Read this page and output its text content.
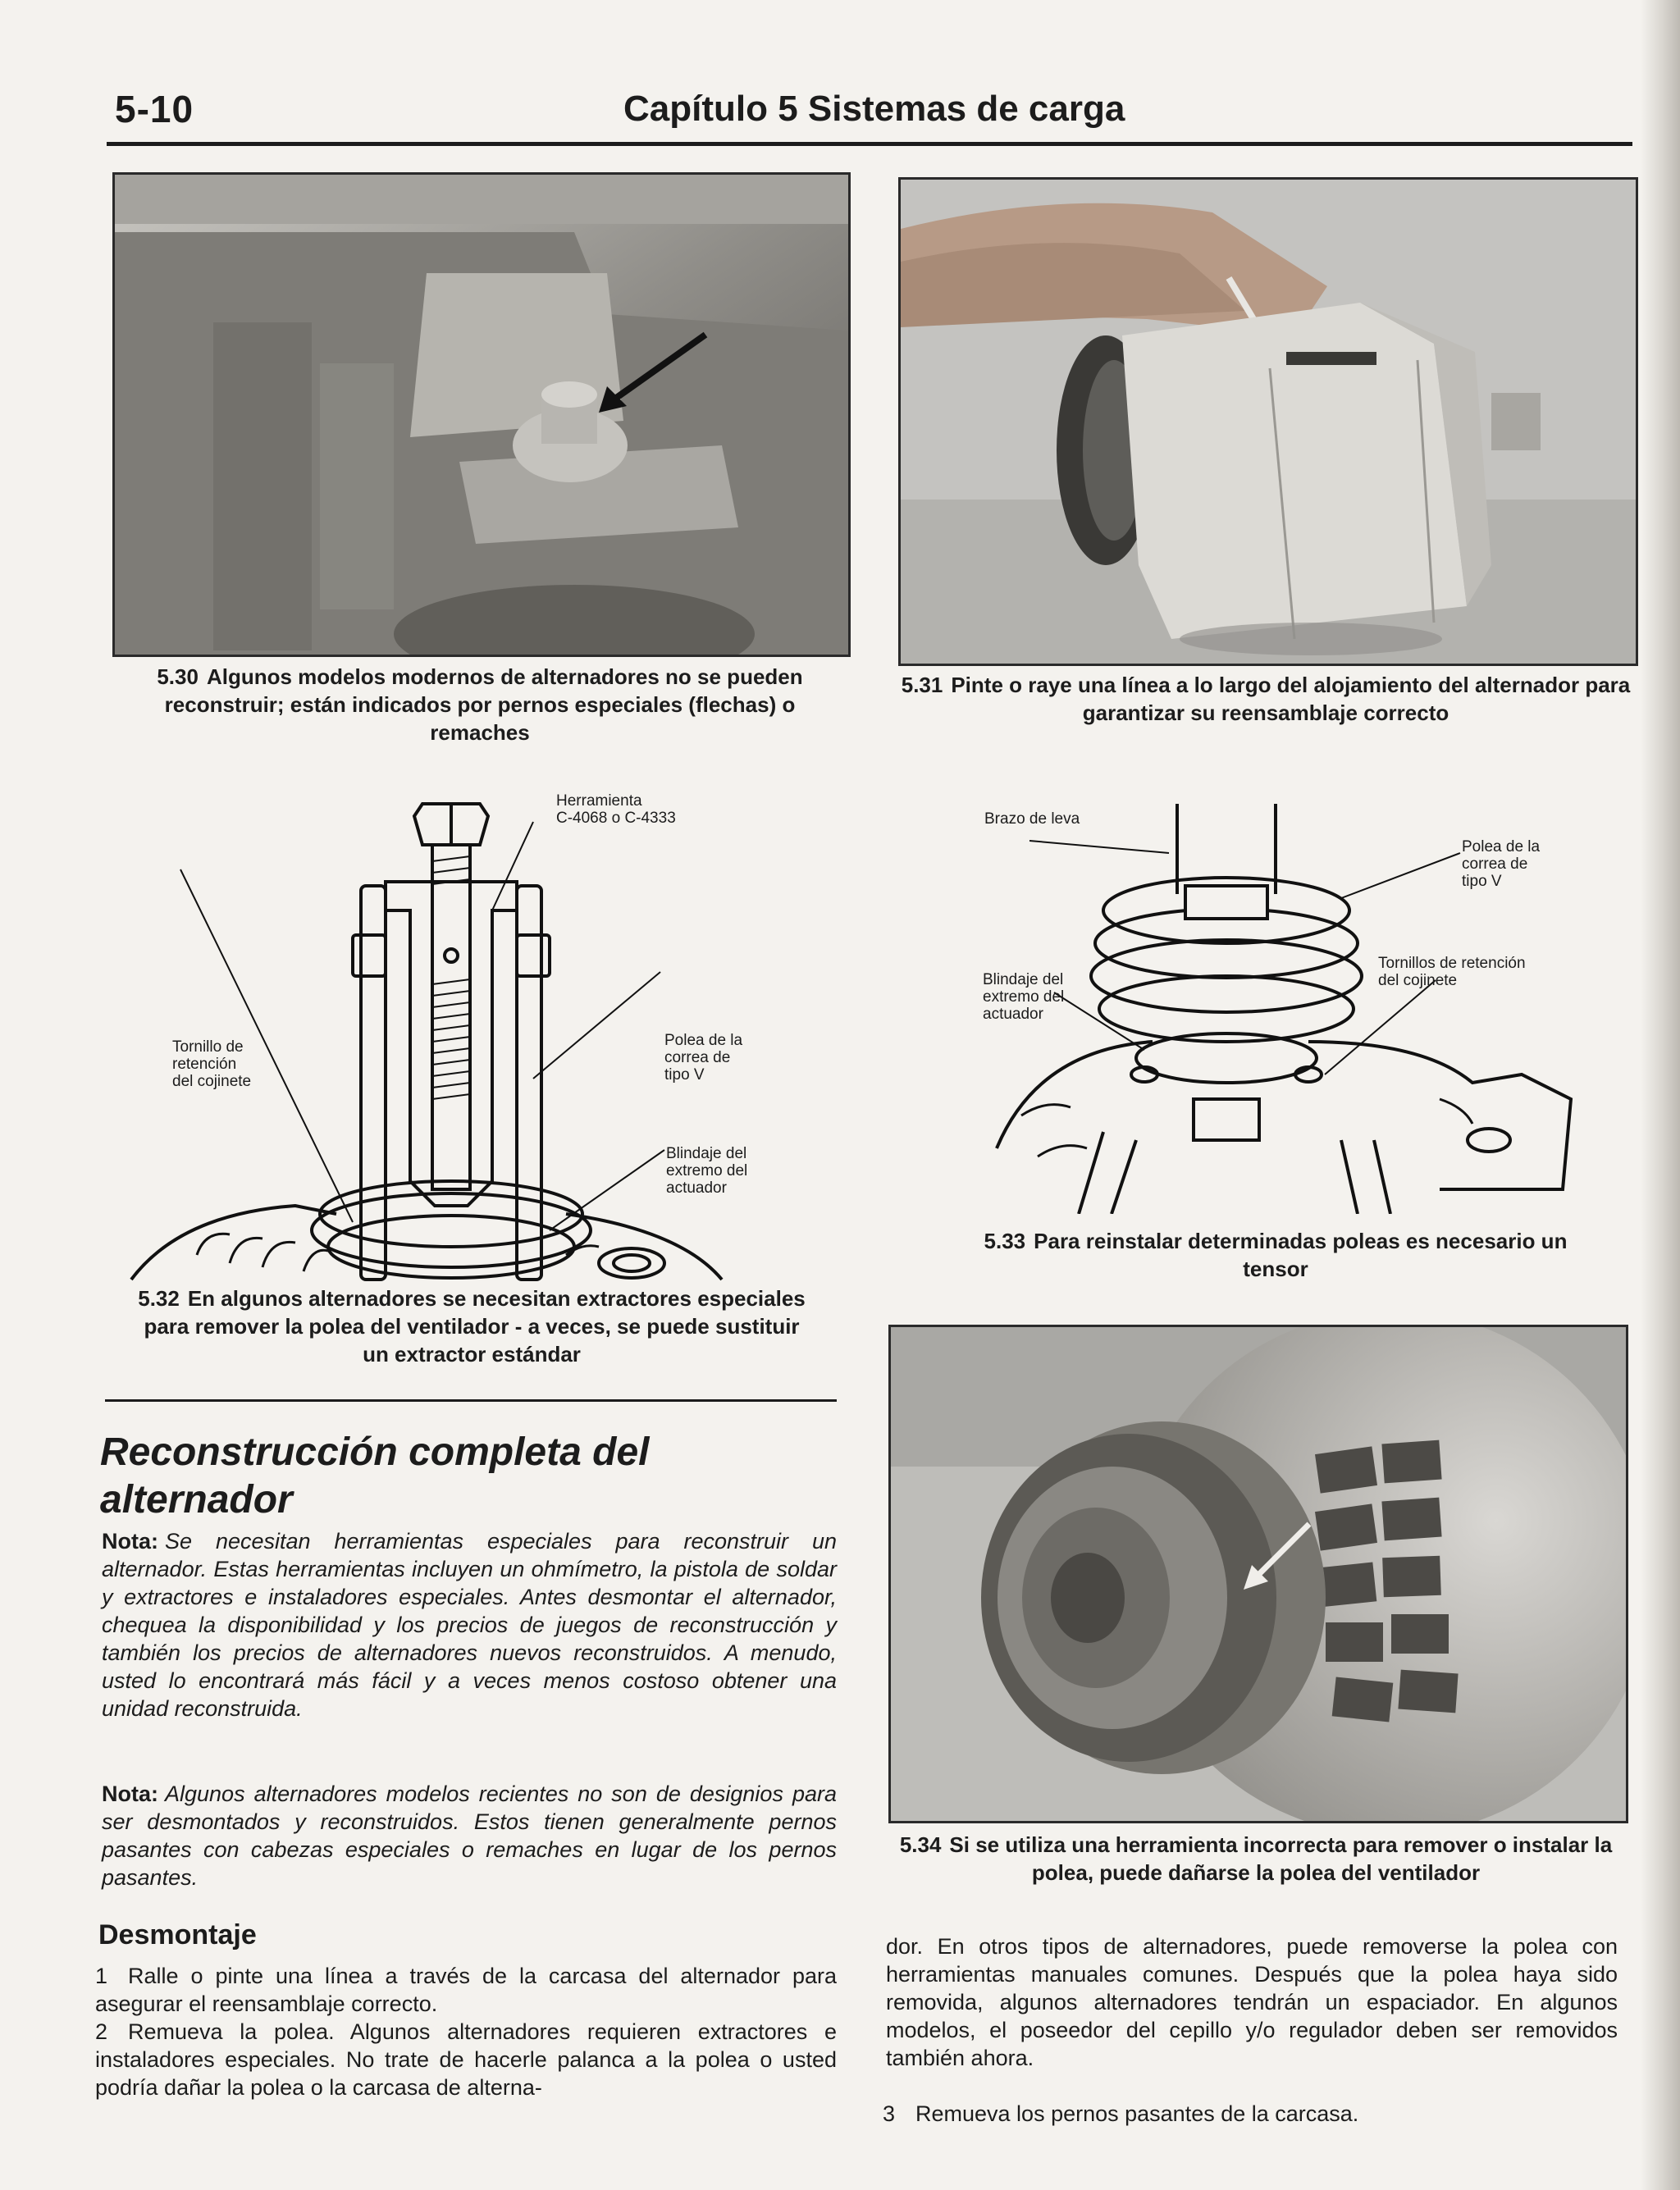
5-10	Capítulo 5 Sistemas de carga
5.30 Algunos modelos modernos de alternadores no se pueden reconstruir; están indicados por pernos especiales (flechas) o remaches
5.31 Pinte o raye una línea a lo largo del alojamiento del alternador para garantizar su reensamblaje correcto
Herramienta
C-4068 o C-4333
Tornillo de
retención
del cojinete
Polea de la
correa de
tipo V
Blindaje del
extremo del
actuador
5.32 En algunos alternadores se necesitan extractores especiales para remover la polea del ventilador - a veces, se puede sustituir un extractor estándar
Brazo de leva
Polea de la
correa de
tipo V
Tornillos de retención
del cojinete
Blindaje del
extremo del
actuador
5.33 Para reinstalar determinadas poleas es necesario un tensor
5.34 Si se utiliza una herramienta incorrecta para remover o instalar la polea, puede dañarse la polea del ventilador
Reconstrucción completa del alternador
Nota: Se necesitan herramientas especiales para reconstruir un alternador. Estas herramientas incluyen un ohmímetro, la pistola de soldar y extractores e instaladores especiales. Antes desmontar el alternador, chequea la disponibilidad y los precios de juegos de reconstrucción y también los precios de alternadores nuevos reconstruidos. A menudo, usted lo encontrará más fácil y a veces menos costoso obtener una unidad reconstruida.
Nota: Algunos alternadores modelos recientes no son de designios para ser desmontados y reconstruidos. Estos tienen generalmente pernos pasantes con cabezas especiales o remaches en lugar de los pernos pasantes.
Desmontaje
1 Ralle o pinte una línea a través de la carcasa del alternador para asegurar el reensamblaje correcto.
2 Remueva la polea. Algunos alternadores requieren extractores e instaladores especiales. No trate de hacerle palanca a la polea o usted podría dañar la polea o la carcasa de alterna-
dor. En otros tipos de alternadores, puede removerse la polea con herramientas manuales comunes. Después que la polea haya sido removida, algunos alternadores tendrán un espaciador. En algunos modelos, el poseedor del cepillo y/o regulador deben ser removidos también ahora.
3 Remueva los pernos pasantes de la carcasa.
